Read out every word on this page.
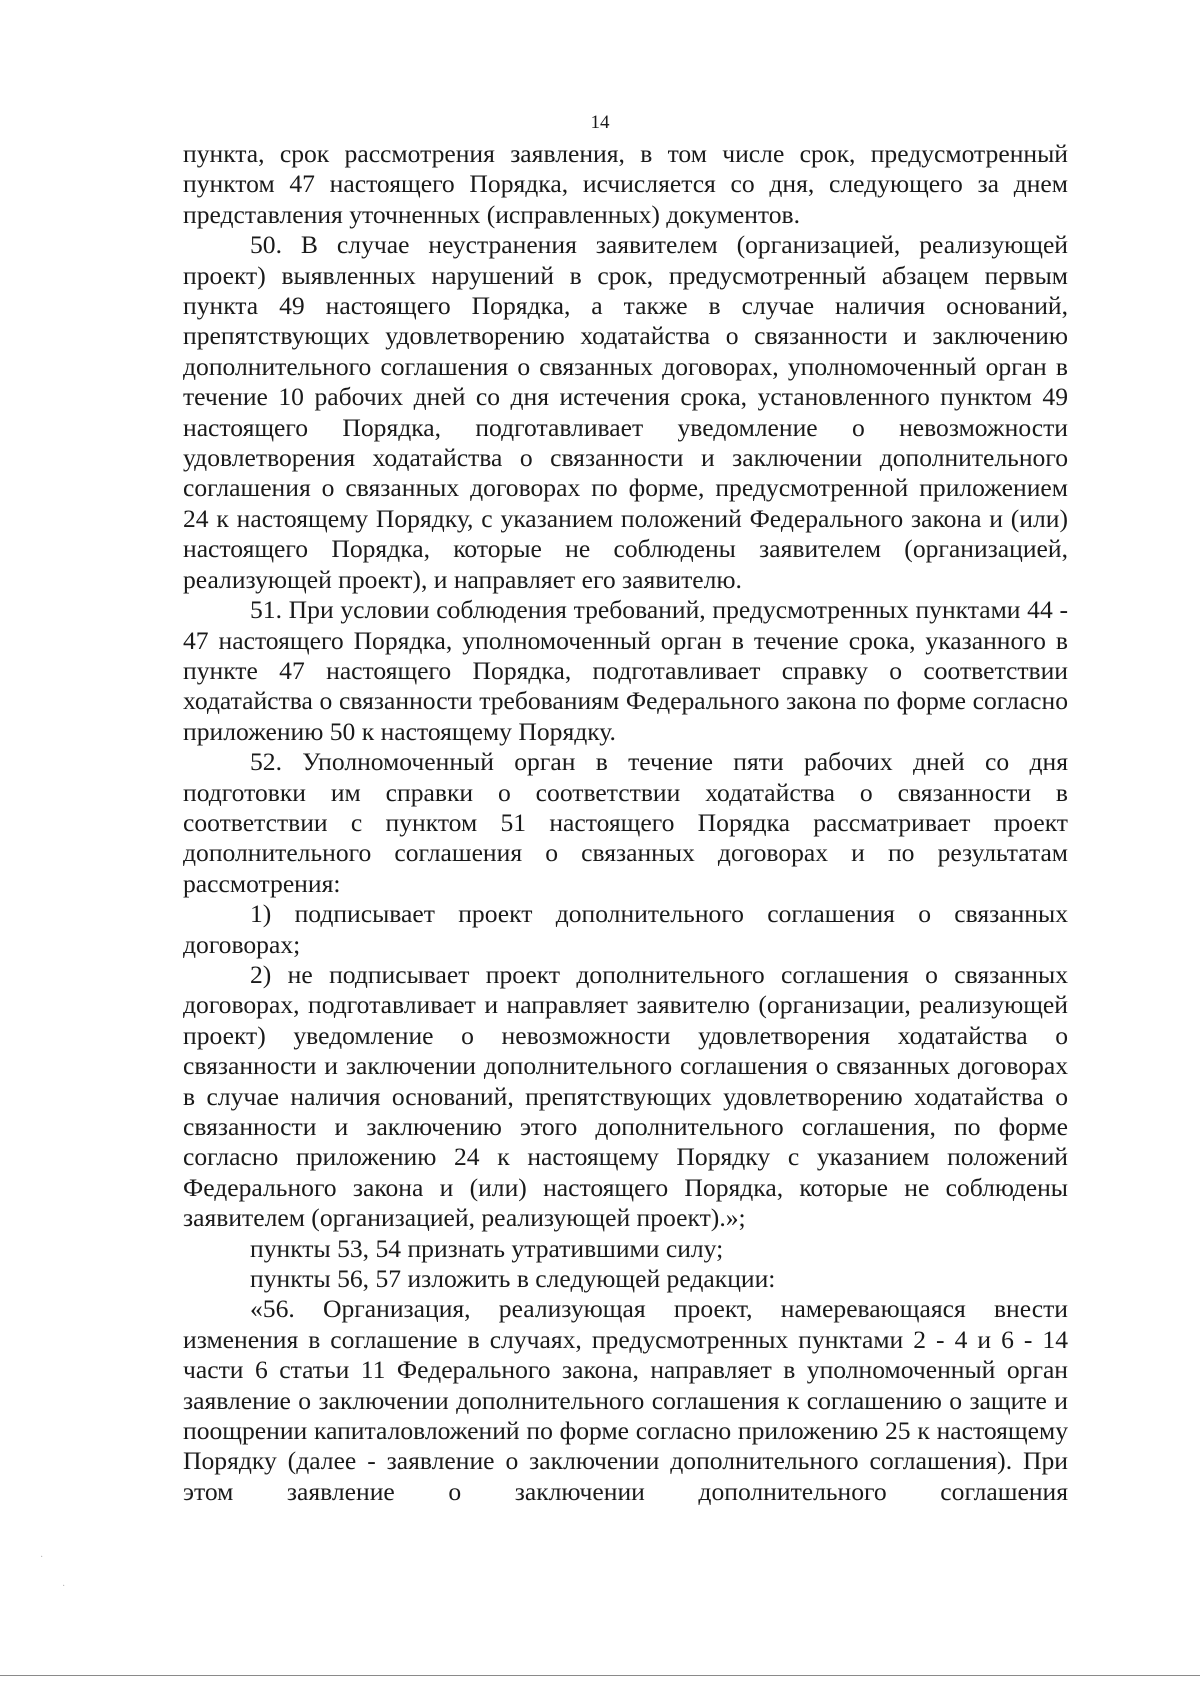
14

пункта, срок рассмотрения заявления, в том числе срок, предусмотренный пунктом 47 настоящего Порядка, исчисляется со дня, следующего за днем представления уточненных (исправленных) документов.

50. В случае неустранения заявителем (организацией, реализующей проект) выявленных нарушений в срок, предусмотренный абзацем первым пункта 49 настоящего Порядка, а также в случае наличия оснований, препятствующих удовлетворению ходатайства о связанности и заключению дополнительного соглашения о связанных договорах, уполномоченный орган в течение 10 рабочих дней со дня истечения срока, установленного пунктом 49 настоящего Порядка, подготавливает уведомление о невозможности удовлетворения ходатайства о связанности и заключении дополнительного соглашения о связанных договорах по форме, предусмотренной приложением 24 к настоящему Порядку, с указанием положений Федерального закона и (или) настоящего Порядка, которые не соблюдены заявителем (организацией, реализующей проект), и направляет его заявителю.

51. При условии соблюдения требований, предусмотренных пунктами 44 - 47 настоящего Порядка, уполномоченный орган в течение срока, указанного в пункте 47 настоящего Порядка, подготавливает справку о соответствии ходатайства о связанности требованиям Федерального закона по форме согласно приложению 50 к настоящему Порядку.

52. Уполномоченный орган в течение пяти рабочих дней со дня подготовки им справки о соответствии ходатайства о связанности в соответствии с пунктом 51 настоящего Порядка рассматривает проект дополнительного соглашения о связанных договорах и по результатам рассмотрения:

1) подписывает проект дополнительного соглашения о связанных договорах;

2) не подписывает проект дополнительного соглашения о связанных договорах, подготавливает и направляет заявителю (организации, реализующей проект) уведомление о невозможности удовлетворения ходатайства о связанности и заключении дополнительного соглашения о связанных договорах в случае наличия оснований, препятствующих удовлетворению ходатайства о связанности и заключению этого дополнительного соглашения, по форме согласно приложению 24 к настоящему Порядку с указанием положений Федерального закона и (или) настоящего Порядка, которые не соблюдены заявителем (организацией, реализующей проект).»;

пункты 53, 54 признать утратившими силу;

пункты 56, 57 изложить в следующей редакции:

«56. Организация, реализующая проект, намеревающаяся внести изменения в соглашение в случаях, предусмотренных пунктами 2 - 4 и 6 - 14 части 6 статьи 11 Федерального закона, направляет в уполномоченный орган заявление о заключении дополнительного соглашения к соглашению о защите и поощрении капиталовложений по форме согласно приложению 25 к настоящему Порядку (далее - заявление о заключении дополнительного соглашения). При этом заявление о заключении дополнительного соглашения

·
·
